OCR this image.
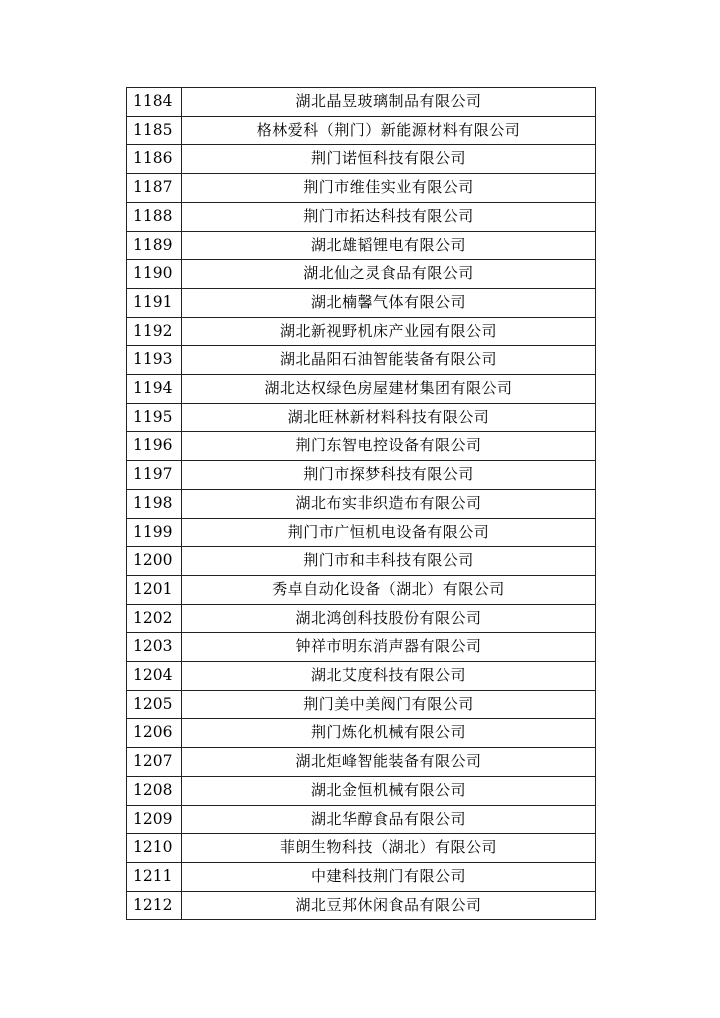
1184	湖北晶昱玻璃制品有限公司
1185	格林爱科（荆门）新能源材料有限公司
1186	荆门诺恒科技有限公司
1187	荆门市维佳实业有限公司
1188	荆门市拓达科技有限公司
1189	湖北雄韬锂电有限公司
1190	湖北仙之灵食品有限公司
1191	湖北楠馨气体有限公司
1192	湖北新视野机床产业园有限公司
1193	湖北晶阳石油智能装备有限公司
1194	湖北达权绿色房屋建材集团有限公司
1195	湖北旺林新材料科技有限公司
1196	荆门东智电控设备有限公司
1197	荆门市探梦科技有限公司
1198	湖北布实非织造布有限公司
1199	荆门市广恒机电设备有限公司
1200	荆门市和丰科技有限公司
1201	秀卓自动化设备（湖北）有限公司
1202	湖北鸿创科技股份有限公司
1203	钟祥市明东消声器有限公司
1204	湖北艾度科技有限公司
1205	荆门美中美阀门有限公司
1206	荆门炼化机械有限公司
1207	湖北炬峰智能装备有限公司
1208	湖北金恒机械有限公司
1209	湖北华醇食品有限公司
1210	菲朗生物科技（湖北）有限公司
1211	中建科技荆门有限公司
1212	湖北豆邦休闲食品有限公司
